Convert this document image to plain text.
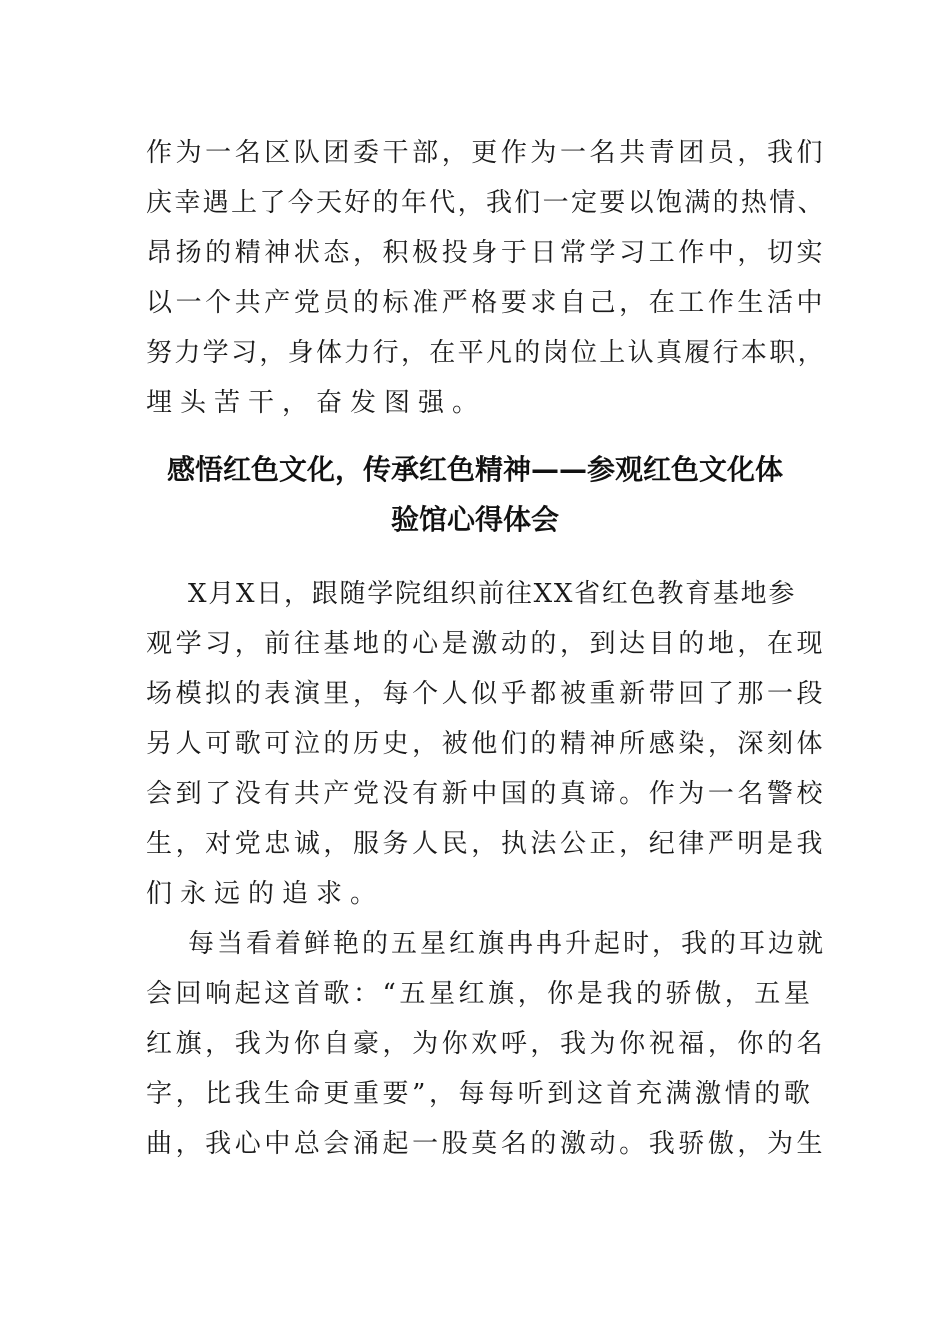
作为一名区队团委干部，更作为一名共青团员，我们
庆幸遇上了今天好的年代，我们一定要以饱满的热情、
昂扬的精神状态，积极投身于日常学习工作中，切实
以一个共产党员的标准严格要求自己，在工作生活中
努力学习，身体力行，在平凡的岗位上认真履行本职，
埋头苦干，奋发图强。
感悟红色文化，传承红色精神——参观红色文化体
验馆心得体会
X月X日，跟随学院组织前往XX省红色教育基地参
观学习，前往基地的心是激动的，到达目的地，在现
场模拟的表演里，每个人似乎都被重新带回了那一段
另人可歌可泣的历史，被他们的精神所感染，深刻体
会到了没有共产党没有新中国的真谛。作为一名警校
生，对党忠诚，服务人民，执法公正，纪律严明是我
们永远的追求。
每当看着鲜艳的五星红旗冉冉升起时，我的耳边就
会回响起这首歌：“五星红旗，你是我的骄傲，五星
红旗，我为你自豪，为你欢呼，我为你祝福，你的名
字，比我生命更重要”，每每听到这首充满激情的歌
曲，我心中总会涌起一股莫名的激动。我骄傲，为生
